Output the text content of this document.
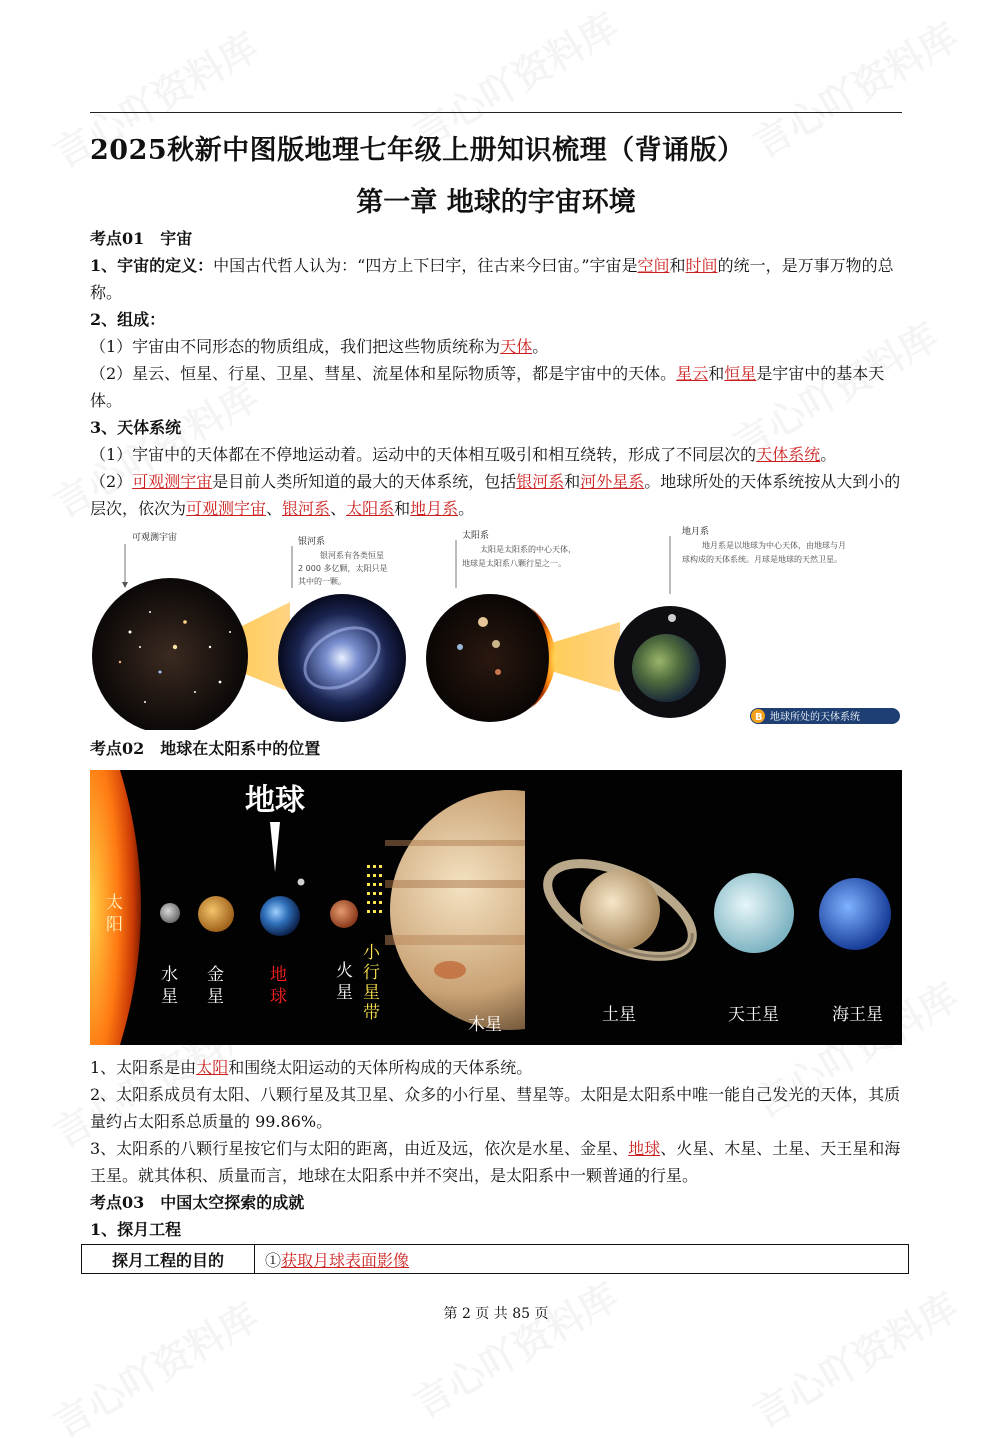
2025秋新中图版地理七年级上册知识梳理（背诵版）
第一章 地球的宇宙环境

考点01　宇宙

1、宇宙的定义：中国古代哲人认为：“四方上下曰宇，往古来今曰宙。”宇宙是空间和时间的统一，是万事万物的总称。

2、组成：

（1）宇宙由不同形态的物质组成，我们把这些物质统称为天体。

（2）星云、恒星、行星、卫星、彗星、流星体和星际物质等，都是宇宙中的天体。星云和恒星是宇宙中的基本天体。

3、天体系统

（1）宇宙中的天体都在不停地运动着。运动中的天体相互吸引和相互绕转，形成了不同层次的天体系统。

（2）可观测宇宙是目前人类所知道的最大的天体系统，包括银河系和河外星系。地球所处的天体系统按从大到小的层次，依次为可观测宇宙、银河系、太阳系和地月系。

可观测宇宙	银河系
银河系有各类恒星
2 000 多亿颗，太阳只是
其中的一颗。
太阳系
太阳是太阳系的中心天体，
地球是太阳系八颗行星之一。
地月系
地月系是以地球为中心天体，由地球与月
球构成的天体系统。月球是地球的天然卫星。
B 地球所处的天体系统

考点02　地球在太阳系中的位置

太
阳
地球
小
行
星
带
木星	土星	天王星	海王星
水
星
金
星
地
球
火
星

1、太阳系是由太阳和围绕太阳运动的天体所构成的天体系统。

2、太阳系成员有太阳、八颗行星及其卫星、众多的小行星、彗星等。太阳是太阳系中唯一能自己发光的天体，其质量约占太阳系总质量的 99.86%。

3、太阳系的八颗行星按它们与太阳的距离，由近及远，依次是水星、金星、地球、火星、木星、土星、天王星和海王星。就其体积、质量而言，地球在太阳系中并不突出，是太阳系中一颗普通的行星。

考点03　中国太空探索的成就

1、探月工程

探月工程的目的	①获取月球表面影像
第 2 页 共 85 页
